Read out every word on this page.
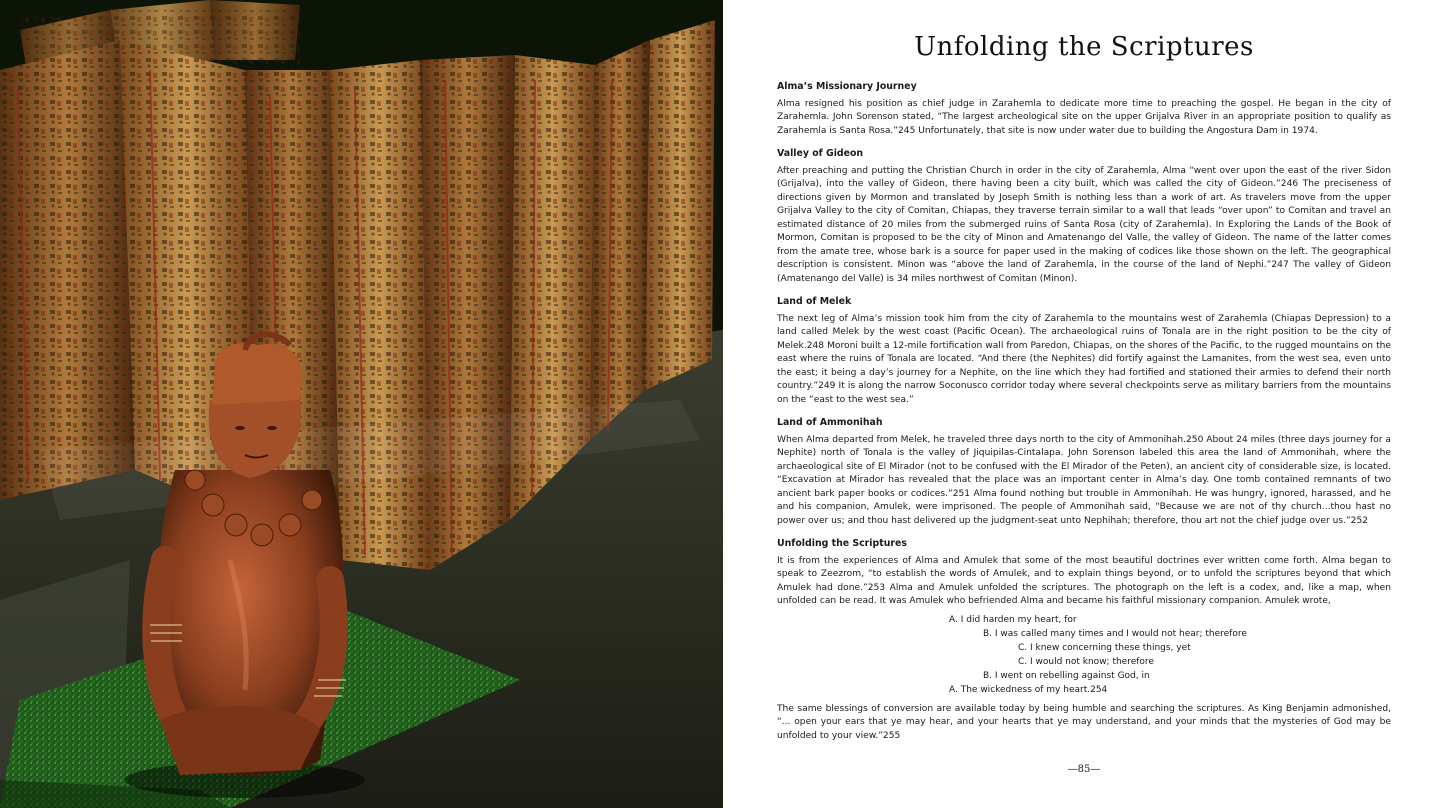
Unfolding the Scriptures
Alma’s Missionary Journey

Alma resigned his position as chief judge in Zarahemla to dedicate more time to preaching the gospel. He began in the city of Zarahemla. John Sorenson stated, “The largest archeological site on the upper Grijalva River in an appropriate position to qualify as Zarahemla is Santa Rosa.”245 Unfortunately, that site is now under water due to building the Angostura Dam in 1974.

Valley of Gideon

After preaching and putting the Christian Church in order in the city of Zarahemla, Alma “went over upon the east of the river Sidon (Grijalva), into the valley of Gideon, there having been a city built, which was called the city of Gideon.”246 The preciseness of directions given by Mormon and translated by Joseph Smith is nothing less than a work of art. As travelers move from the upper Grijalva Valley to the city of Comitan, Chiapas, they traverse terrain similar to a wall that leads “over upon” to Comitan and travel an estimated distance of 20 miles from the submerged ruins of Santa Rosa (city of Zarahemla). In Exploring the Lands of the Book of Mormon, Comitan is proposed to be the city of Minon and Amatenango del Valle, the valley of Gideon. The name of the latter comes from the amate tree, whose bark is a source for paper used in the making of codices like those shown on the left. The geographical description is consistent. Minon was “above the land of Zarahemla, in the course of the land of Nephi.”247 The valley of Gideon (Amatenango del Valle) is 34 miles northwest of Comitan (Minon).

Land of Melek

The next leg of Alma’s mission took him from the city of Zarahemla to the mountains west of Zarahemla (Chiapas Depression) to a land called Melek by the west coast (Pacific Ocean). The archaeological ruins of Tonala are in the right position to be the city of Melek.248 Moroni built a 12-mile fortification wall from Paredon, Chiapas, on the shores of the Pacific, to the rugged mountains on the east where the ruins of Tonala are located. “And there (the Nephites) did fortify against the Lamanites, from the west sea, even unto the east; it being a day’s journey for a Nephite, on the line which they had fortified and stationed their armies to defend their north country.”249 It is along the narrow Soconusco corridor today where several checkpoints serve as military barriers from the mountains on the “east to the west sea.”

Land of Ammonihah

When Alma departed from Melek, he traveled three days north to the city of Ammonihah.250 About 24 miles (three days journey for a Nephite) north of Tonala is the valley of Jiquipilas-Cintalapa. John Sorenson labeled this area the land of Ammonihah, where the archaeological site of El Mirador (not to be confused with the El Mirador of the Peten), an ancient city of considerable size, is located. “Excavation at Mirador has revealed that the place was an important center in Alma’s day. One tomb contained remnants of two ancient bark paper books or codices.”251 Alma found nothing but trouble in Ammonihah. He was hungry, ignored, harassed, and he and his companion, Amulek, were imprisoned. The people of Ammonihah said, “Because we are not of thy church...thou hast no power over us; and thou hast delivered up the judgment-seat unto Nephihah; therefore, thou art not the chief judge over us.”252

Unfolding the Scriptures

It is from the experiences of Alma and Amulek that some of the most beautiful doctrines ever written come forth. Alma began to speak to Zeezrom, “to establish the words of Amulek, and to explain things beyond, or to unfold the scriptures beyond that which Amulek had done.”253 Alma and Amulek unfolded the scriptures. The photograph on the left is a codex, and, like a map, when unfolded can be read. It was Amulek who befriended Alma and became his faithful missionary companion. Amulek wrote,

A. I did harden my heart, for
B. I was called many times and I would not hear; therefore
C. I knew concerning these things, yet
C. I would not know; therefore
B. I went on rebelling against God, in
A. The wickedness of my heart.254

The same blessings of conversion are available today by being humble and searching the scriptures. As King Benjamin admonished, “... open your ears that ye may hear, and your hearts that ye may understand, and your minds that the mysteries of God may be unfolded to your view.”255

—85—
